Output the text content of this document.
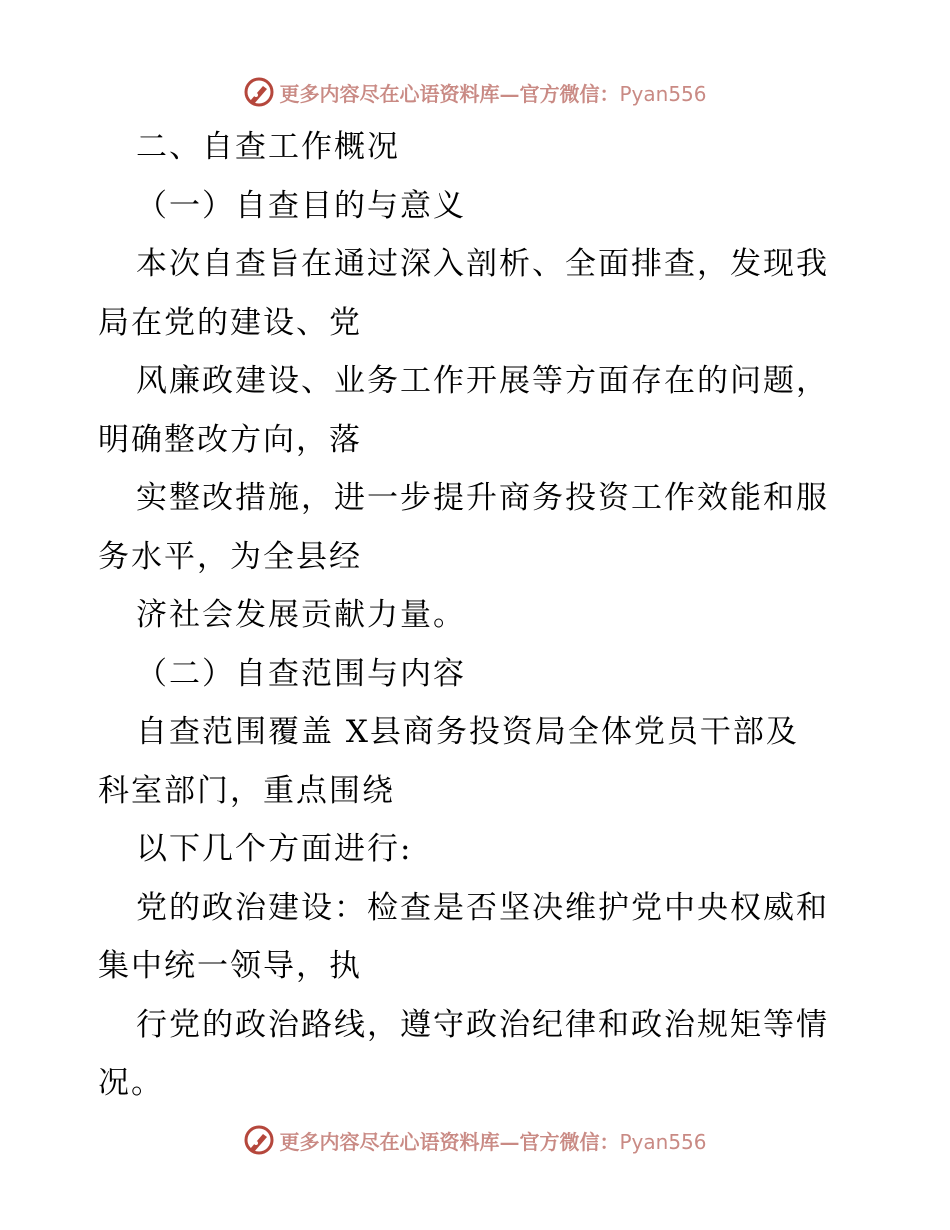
更多内容尽在心语资料库—官方微信：Pyan556
二、自查工作概况
（一）自查目的与意义
本次自查旨在通过深入剖析、全面排查，发现我
局在党的建设、党
风廉政建设、业务工作开展等方面存在的问题，
明确整改方向，落
实整改措施，进一步提升商务投资工作效能和服
务水平，为全县经
济社会发展贡献力量。
（二）自查范围与内容
自查范围覆盖 X县商务投资局全体党员干部及
科室部门，重点围绕
以下几个方面进行:
党的政治建设：检查是否坚决维护党中央权威和
集中统一领导，执
行党的政治路线，遵守政治纪律和政治规矩等情
况。
更多内容尽在心语资料库—官方微信：Pyan556
